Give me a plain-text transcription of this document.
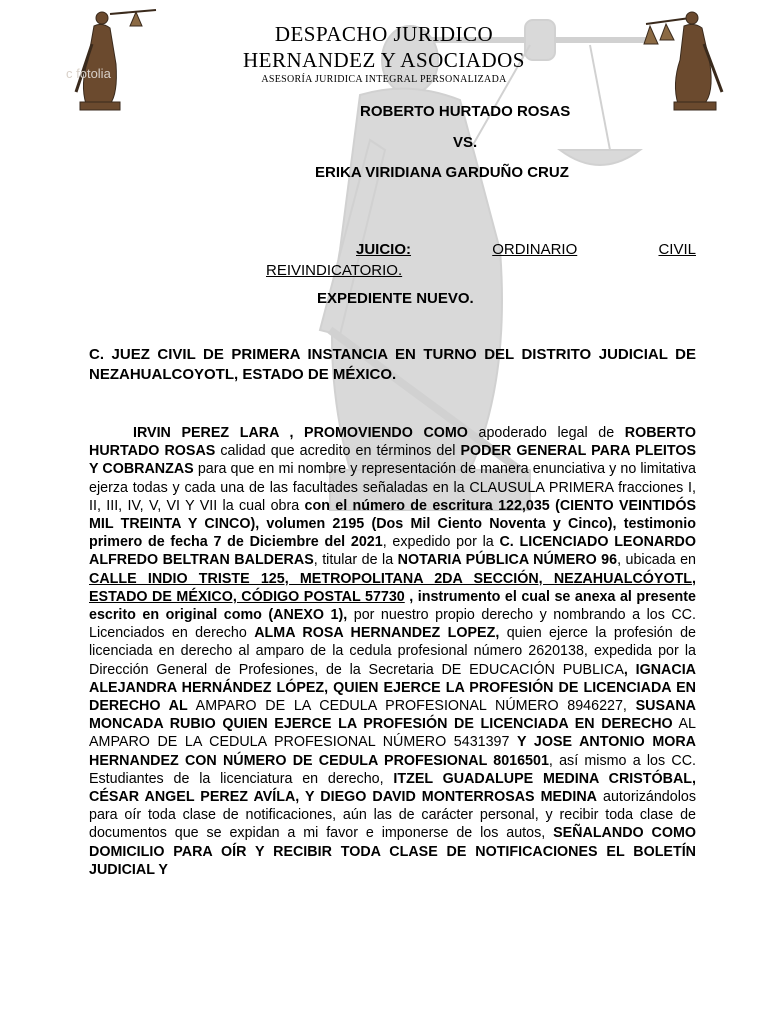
c fotolia
DESPACHO JURIDICO
HERNANDEZ Y ASOCIADOS
ASESORÍA JURIDICA INTEGRAL PERSONALIZADA
ROBERTO HURTADO ROSAS
VS.
ERIKA VIRIDIANA GARDUÑO CRUZ
JUICIO:	ORDINARIO	CIVIL
REIVINDICATORIO.
EXPEDIENTE NUEVO.
C. JUEZ CIVIL DE PRIMERA INSTANCIA EN TURNO DEL DISTRITO JUDICIAL DE NEZAHUALCOYOTL, ESTADO DE MÉXICO.
IRVIN PEREZ LARA , PROMOVIENDO COMO apoderado legal de ROBERTO HURTADO ROSAS calidad que acredito en términos del PODER GENERAL PARA PLEITOS Y COBRANZAS para que en mi nombre y representación de manera enunciativa y no limitativa ejerza todas y cada una de las facultades señaladas en la CLAUSULA PRIMERA fracciones I, II, III, IV, V, VI Y VII la cual obra con el número de escritura 122,035 (CIENTO VEINTIDÓS MIL TREINTA Y CINCO), volumen 2195 (Dos Mil Ciento Noventa y Cinco), testimonio primero de fecha 7 de Diciembre del 2021, expedido por la C. LICENCIADO LEONARDO ALFREDO BELTRAN BALDERAS, titular de la NOTARIA PÚBLICA NÚMERO 96, ubicada en CALLE INDIO TRISTE 125, METROPOLITANA 2DA SECCIÓN, NEZAHUALCÓYOTL, ESTADO DE MÉXICO, CÓDIGO POSTAL 57730 , instrumento el cual se anexa al presente escrito en original como (ANEXO 1), por nuestro propio derecho y nombrando a los CC. Licenciados en derecho ALMA ROSA HERNANDEZ LOPEZ, quien ejerce la profesión de licenciada en derecho al amparo de la cedula profesional número 2620138, expedida por la Dirección General de Profesiones, de la Secretaria DE EDUCACIÓN PUBLICA, IGNACIA ALEJANDRA HERNÁNDEZ LÓPEZ, QUIEN EJERCE LA PROFESIÓN DE LICENCIADA EN DERECHO AL AMPARO DE LA CEDULA PROFESIONAL NÚMERO 8946227, SUSANA MONCADA RUBIO QUIEN EJERCE LA PROFESIÓN DE LICENCIADA EN DERECHO AL AMPARO DE LA CEDULA PROFESIONAL NÚMERO 5431397 Y JOSE ANTONIO MORA HERNANDEZ CON NÚMERO DE CEDULA PROFESIONAL 8016501, así mismo a los CC. Estudiantes de la licenciatura en derecho, ITZEL GUADALUPE MEDINA CRISTÓBAL, CÉSAR ANGEL PEREZ AVÍLA, Y DIEGO DAVID MONTERROSAS MEDINA autorizándolos para oír toda clase de notificaciones, aún las de carácter personal, y recibir toda clase de documentos que se expidan a mi favor e imponerse de los autos, SEÑALANDO COMO DOMICILIO PARA OÍR Y RECIBIR TODA CLASE DE NOTIFICACIONES EL BOLETÍN JUDICIAL Y
